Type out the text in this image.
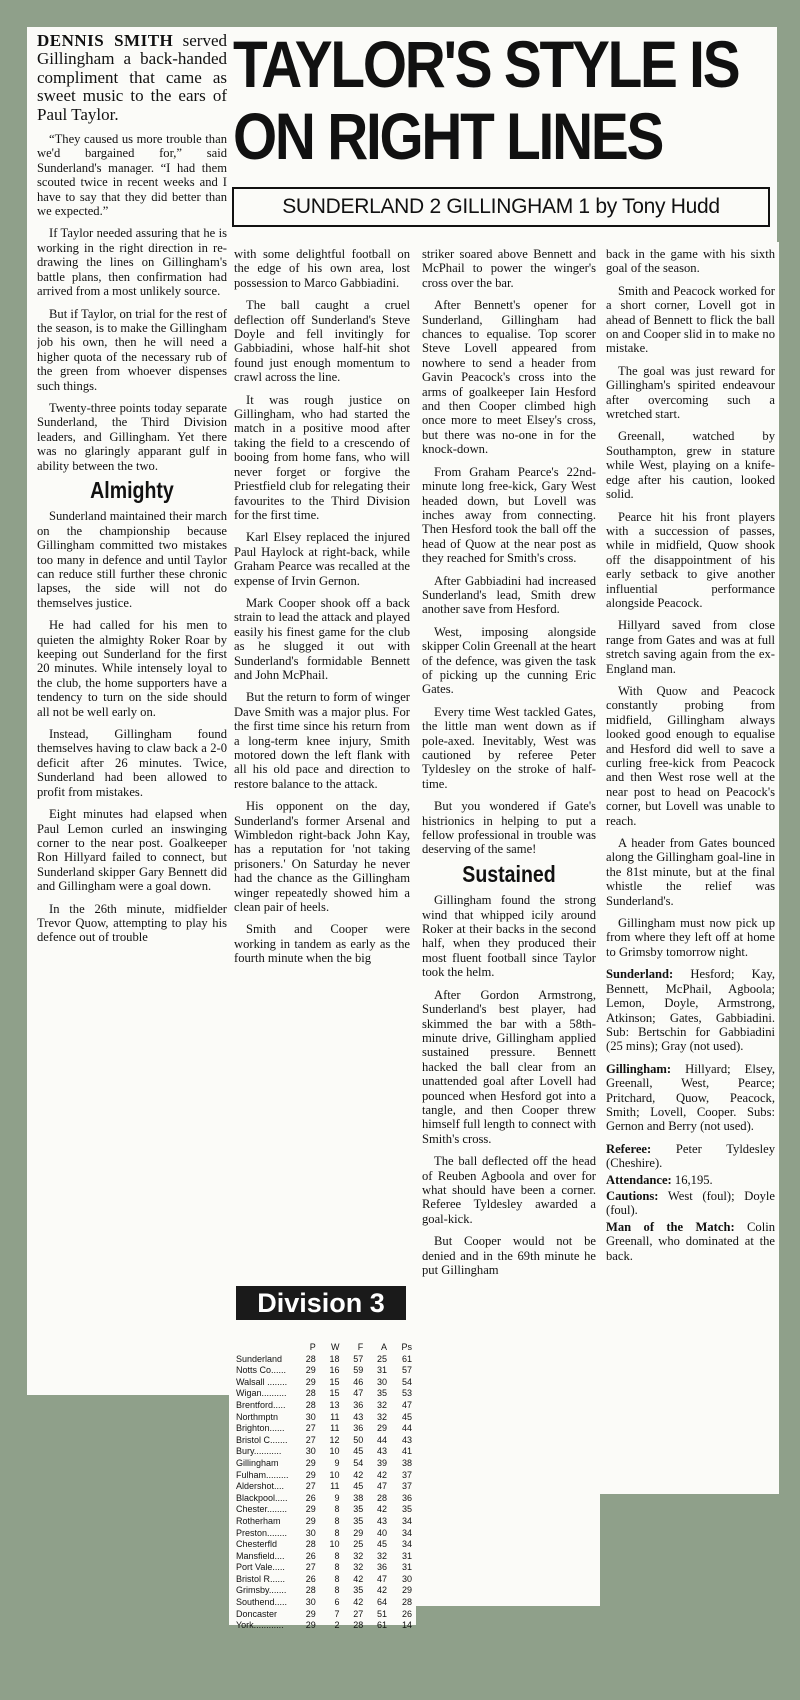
TAYLOR'S STYLE IS
ON RIGHT LINES
SUNDERLAND 2 GILLINGHAM 1 by Tony Hudd

DENNIS SMITH served Gillingham a back-handed compliment that came as sweet music to the ears of Paul Taylor.

“They caused us more trouble than we'd bargained for,” said Sunderland's manager. “I had them scouted twice in recent weeks and I have to say that they did better than we expected.”

If Taylor needed assuring that he is working in the right direction in re-drawing the lines on Gillingham's battle plans, then confirmation had arrived from a most unlikely source.

But if Taylor, on trial for the rest of the season, is to make the Gillingham job his own, then he will need a higher quota of the necessary rub of the green from whoever dispenses such things.

Twenty-three points today separate Sunderland, the Third Division leaders, and Gillingham. Yet there was no glaringly apparant gulf in ability between the two.

Almighty

Sunderland maintained their march on the championship because Gillingham committed two mistakes too many in defence and until Taylor can reduce still further these chronic lapses, the side will not do themselves justice.

He had called for his men to quieten the almighty Roker Roar by keeping out Sunderland for the first 20 minutes. While intensely loyal to the club, the home supporters have a tendency to turn on the side should all not be well early on.

Instead, Gillingham found themselves having to claw back a 2-0 deficit after 26 minutes. Twice, Sunderland had been allowed to profit from mistakes.

Eight minutes had elapsed when Paul Lemon curled an inswinging corner to the near post. Goalkeeper Ron Hillyard failed to connect, but Sunderland skipper Gary Bennett did and Gillingham were a goal down.

In the 26th minute, midfielder Trevor Quow, attempting to play his defence out of trouble

with some delightful football on the edge of his own area, lost possession to Marco Gabbiadini.

The ball caught a cruel deflection off Sunderland's Steve Doyle and fell invitingly for Gabbiadini, whose half-hit shot found just enough momentum to crawl across the line.

It was rough justice on Gillingham, who had started the match in a positive mood after taking the field to a crescendo of booing from home fans, who will never forget or forgive the Priestfield club for relegating their favourites to the Third Division for the first time.

Karl Elsey replaced the injured Paul Haylock at right-back, while Graham Pearce was recalled at the expense of Irvin Gernon.

Mark Cooper shook off a back strain to lead the attack and played easily his finest game for the club as he slugged it out with Sunderland's formidable Bennett and John McPhail.

But the return to form of winger Dave Smith was a major plus. For the first time since his return from a long-term knee injury, Smith motored down the left flank with all his old pace and direction to restore balance to the attack.

His opponent on the day, Sunderland's former Arsenal and Wimbledon right-back John Kay, has a reputation for 'not taking prisoners.' On Saturday he never had the chance as the Gillingham winger repeatedly showed him a clean pair of heels.

Smith and Cooper were working in tandem as early as the fourth minute when the big

Division 3
	P	W	F	A	Ps
Sunderland	28	18	57	25	61
Notts Co......	29	16	59	31	57
Walsall ........	29	15	46	30	54
Wigan..........	28	15	47	35	53
Brentford.....	28	13	36	32	47
Northmptn	30	11	43	32	45
Brighton......	27	11	36	29	44
Bristol C.......	27	12	50	44	43
Bury...........	30	10	45	43	41
Gillingham	29	9	54	39	38
Fulham.........	29	10	42	42	37
Aldershot....	27	11	45	47	37
Blackpool.....	26	9	38	28	36
Chester........	29	8	35	42	35
Rotherham	29	8	35	43	34
Preston........	30	8	29	40	34
Chesterfld	28	10	25	45	34
Mansfield....	26	8	32	32	31
Port Vale.....	27	8	32	36	31
Bristol R......	26	8	42	47	30
Grimsby.......	28	8	35	42	29
Southend.....	30	6	42	64	28
Doncaster	29	7	27	51	26
York............	29	2	28	61	14

striker soared above Bennett and McPhail to power the winger's cross over the bar.

After Bennett's opener for Sunderland, Gillingham had chances to equalise. Top scorer Steve Lovell appeared from nowhere to send a header from Gavin Peacock's cross into the arms of goalkeeper Iain Hesford and then Cooper climbed high once more to meet Elsey's cross, but there was no-one in for the knock-down.

From Graham Pearce's 22nd-minute long free-kick, Gary West headed down, but Lovell was inches away from connecting. Then Hesford took the ball off the head of Quow at the near post as they reached for Smith's cross.

After Gabbiadini had increased Sunderland's lead, Smith drew another save from Hesford.

West, imposing alongside skipper Colin Greenall at the heart of the defence, was given the task of picking up the cunning Eric Gates.

Every time West tackled Gates, the little man went down as if pole-axed. Inevitably, West was cautioned by referee Peter Tyldesley on the stroke of half-time.

But you wondered if Gate's histrionics in helping to put a fellow professional in trouble was deserving of the same!

Sustained

Gillingham found the strong wind that whipped icily around Roker at their backs in the second half, when they produced their most fluent football since Taylor took the helm.

After Gordon Armstrong, Sunderland's best player, had skimmed the bar with a 58th-minute drive, Gillingham applied sustained pressure. Bennett hacked the ball clear from an unattended goal after Lovell had pounced when Hesford got into a tangle, and then Cooper threw himself full length to connect with Smith's cross.

The ball deflected off the head of Reuben Agboola and over for what should have been a corner. Referee Tyldesley awarded a goal-kick.

But Cooper would not be denied and in the 69th minute he put Gillingham

back in the game with his sixth goal of the season.

Smith and Peacock worked for a short corner, Lovell got in ahead of Bennett to flick the ball on and Cooper slid in to make no mistake.

The goal was just reward for Gillingham's spirited endeavour after overcoming such a wretched start.

Greenall, watched by Southampton, grew in stature while West, playing on a knife-edge after his caution, looked solid.

Pearce hit his front players with a succession of passes, while in midfield, Quow shook off the disappointment of his early setback to give another influential performance alongside Peacock.

Hillyard saved from close range from Gates and was at full stretch saving again from the ex-England man.

With Quow and Peacock constantly probing from midfield, Gillingham always looked good enough to equalise and Hesford did well to save a curling free-kick from Peacock and then West rose well at the near post to head on Peacock's corner, but Lovell was unable to reach.

A header from Gates bounced along the Gillingham goal-line in the 81st minute, but at the final whistle the relief was Sunderland's.

Gillingham must now pick up from where they left off at home to Grimsby tomorrow night.

Sunderland: Hesford; Kay, Bennett, McPhail, Agboola; Lemon, Doyle, Armstrong, Atkinson; Gates, Gabbiadini. Sub: Bertschin for Gabbiadini (25 mins); Gray (not used).

Gillingham: Hillyard; Elsey, Greenall, West, Pearce; Pritchard, Quow, Peacock, Smith; Lovell, Cooper. Subs: Gernon and Berry (not used).

Referee: Peter Tyldesley (Cheshire).

Attendance: 16,195.

Cautions: West (foul); Doyle (foul).

Man of the Match: Colin Greenall, who dominated at the back.
